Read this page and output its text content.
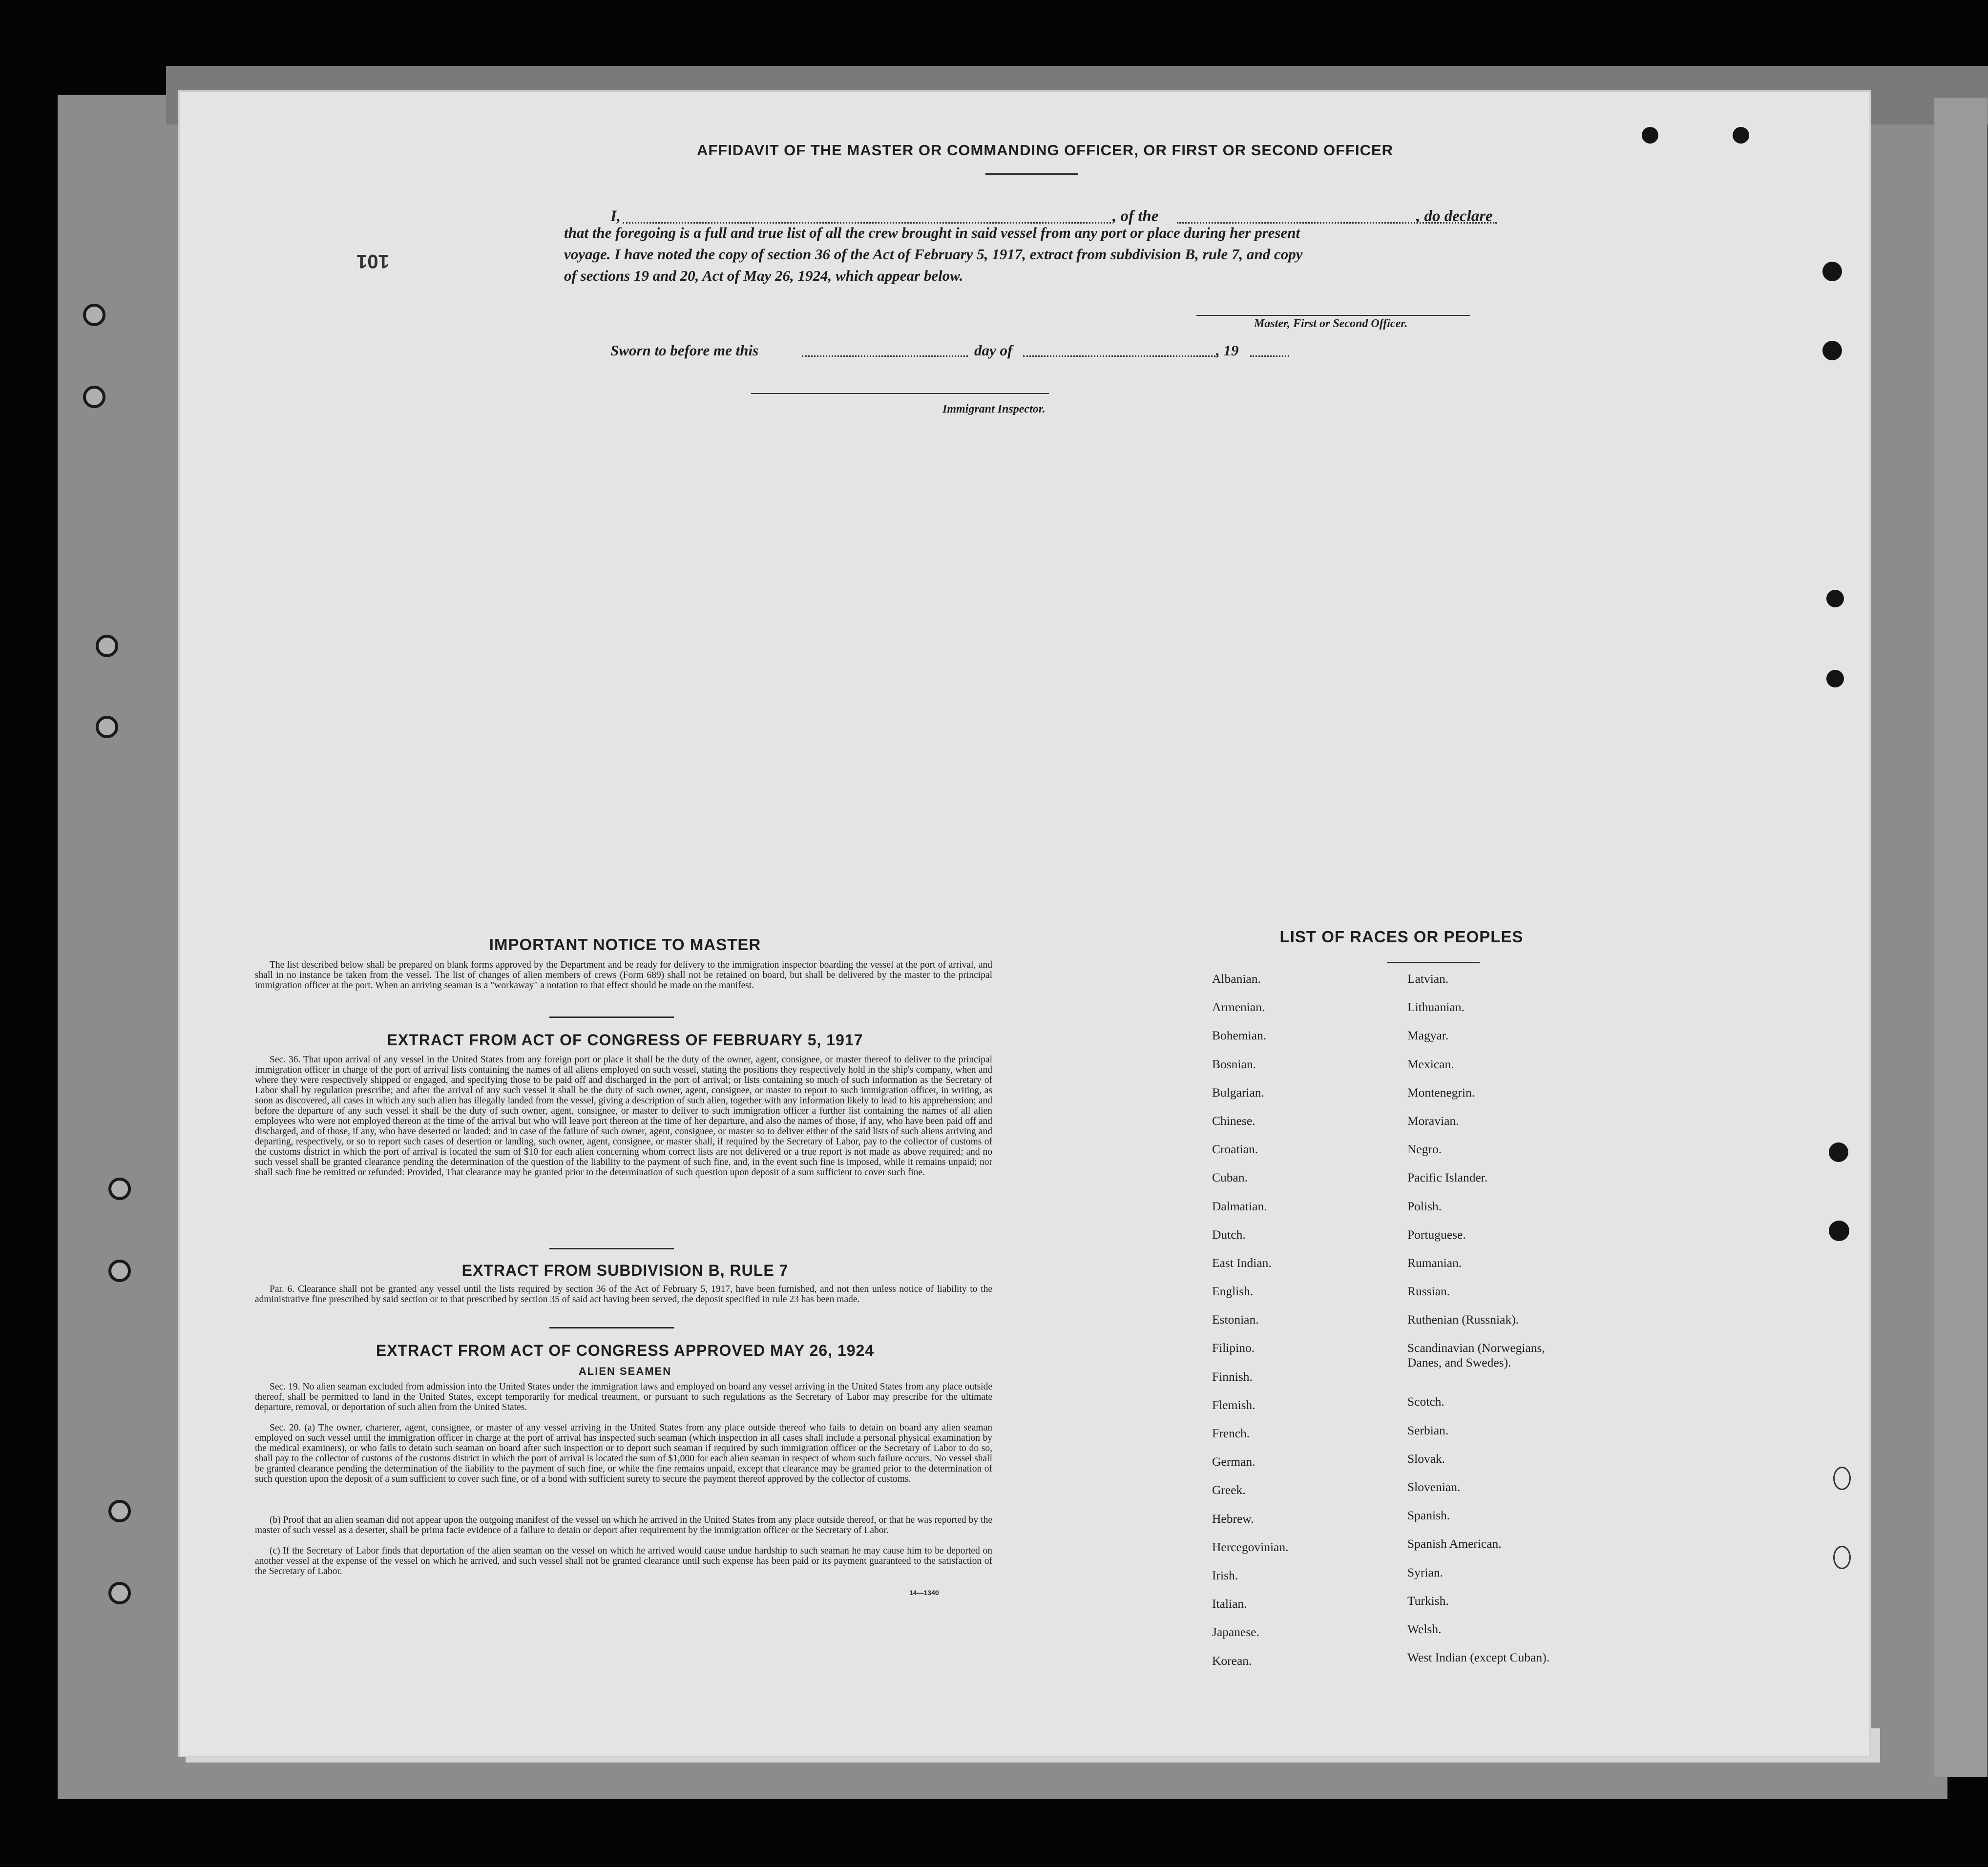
101
AFFIDAVIT OF THE MASTER OR COMMANDING OFFICER, OR FIRST OR SECOND OFFICER
I,	, of the	, do declare
that the foregoing is a full and true list of all the crew brought in said vessel from any port or place during her present
voyage. I have noted the copy of section 36 of the Act of February 5, 1917, extract from subdivision B, rule 7, and copy
of sections 19 and 20, Act of May 26, 1924, which appear below.
Master, First or Second Officer.
Sworn to before me this	day of	, 19
Immigrant Inspector.
IMPORTANT NOTICE TO MASTER
The list described below shall be prepared on blank forms approved by the Department and be ready for delivery to the immigration inspector boarding the vessel at the port of arrival, and shall in no instance be taken from the vessel. The list of changes of alien members of crews (Form 689) shall not be retained on board, but shall be delivered by the master to the principal immigration officer at the port. When an arriving seaman is a "workaway" a notation to that effect should be made on the manifest.
EXTRACT FROM ACT OF CONGRESS OF FEBRUARY 5, 1917
Sec. 36. That upon arrival of any vessel in the United States from any foreign port or place it shall be the duty of the owner, agent, consignee, or master thereof to deliver to the principal immigration officer in charge of the port of arrival lists containing the names of all aliens employed on such vessel, stating the positions they respectively hold in the ship's company, when and where they were respectively shipped or engaged, and specifying those to be paid off and discharged in the port of arrival; or lists containing so much of such information as the Secretary of Labor shall by regulation prescribe; and after the arrival of any such vessel it shall be the duty of such owner, agent, consignee, or master to report to such immigration officer, in writing, as soon as discovered, all cases in which any such alien has illegally landed from the vessel, giving a description of such alien, together with any information likely to lead to his apprehension; and before the departure of any such vessel it shall be the duty of such owner, agent, consignee, or master to deliver to such immigration officer a further list containing the names of all alien employees who were not employed thereon at the time of the arrival but who will leave port thereon at the time of her departure, and also the names of those, if any, who have been paid off and discharged, and of those, if any, who have deserted or landed; and in case of the failure of such owner, agent, consignee, or master so to deliver either of the said lists of such aliens arriving and departing, respectively, or so to report such cases of desertion or landing, such owner, agent, consignee, or master shall, if required by the Secretary of Labor, pay to the collector of customs of the customs district in which the port of arrival is located the sum of $10 for each alien concerning whom correct lists are not delivered or a true report is not made as above required; and no such vessel shall be granted clearance pending the determination of the question of the liability to the payment of such fine, and, in the event such fine is imposed, while it remains unpaid; nor shall such fine be remitted or refunded: Provided, That clearance may be granted prior to the determination of such question upon deposit of a sum sufficient to cover such fine.
EXTRACT FROM SUBDIVISION B, RULE 7
Par. 6. Clearance shall not be granted any vessel until the lists required by section 36 of the Act of February 5, 1917, have been furnished, and not then unless notice of liability to the administrative fine prescribed by said section or to that prescribed by section 35 of said act having been served, the deposit specified in rule 23 has been made.
EXTRACT FROM ACT OF CONGRESS APPROVED MAY 26, 1924
ALIEN SEAMEN
Sec. 19. No alien seaman excluded from admission into the United States under the immigration laws and employed on board any vessel arriving in the United States from any place outside thereof, shall be permitted to land in the United States, except temporarily for medical treatment, or pursuant to such regulations as the Secretary of Labor may prescribe for the ultimate departure, removal, or deportation of such alien from the United States.
Sec. 20. (a) The owner, charterer, agent, consignee, or master of any vessel arriving in the United States from any place outside thereof who fails to detain on board any alien seaman employed on such vessel until the immigration officer in charge at the port of arrival has inspected such seaman (which inspection in all cases shall include a personal physical examination by the medical examiners), or who fails to detain such seaman on board after such inspection or to deport such seaman if required by such immigration officer or the Secretary of Labor to do so, shall pay to the collector of customs of the customs district in which the port of arrival is located the sum of $1,000 for each alien seaman in respect of whom such failure occurs. No vessel shall be granted clearance pending the determination of the liability to the payment of such fine, or while the fine remains unpaid, except that clearance may be granted prior to the determination of such question upon the deposit of a sum sufficient to cover such fine, or of a bond with sufficient surety to secure the payment thereof approved by the collector of customs.
(b) Proof that an alien seaman did not appear upon the outgoing manifest of the vessel on which he arrived in the United States from any place outside thereof, or that he was reported by the master of such vessel as a deserter, shall be prima facie evidence of a failure to detain or deport after requirement by the immigration officer or the Secretary of Labor.
(c) If the Secretary of Labor finds that deportation of the alien seaman on the vessel on which he arrived would cause undue hardship to such seaman he may cause him to be deported on another vessel at the expense of the vessel on which he arrived, and such vessel shall not be granted clearance until such expense has been paid or its payment guaranteed to the satisfaction of the Secretary of Labor.
14—1340
LIST OF RACES OR PEOPLES
Albanian.
Armenian.
Bohemian.
Bosnian.
Bulgarian.
Chinese.
Croatian.
Cuban.
Dalmatian.
Dutch.
East Indian.
English.
Estonian.
Filipino.
Finnish.
Flemish.
French.
German.
Greek.
Hebrew.
Hercegovinian.
Irish.
Italian.
Japanese.
Korean.
Latvian.
Lithuanian.
Magyar.
Mexican.
Montenegrin.
Moravian.
Negro.
Pacific Islander.
Polish.
Portuguese.
Rumanian.
Russian.
Ruthenian (Russniak).
Scandinavian (Norwegians,
Danes, and Swedes).
Scotch.
Serbian.
Slovak.
Slovenian.
Spanish.
Spanish American.
Syrian.
Turkish.
Welsh.
West Indian (except Cuban).
